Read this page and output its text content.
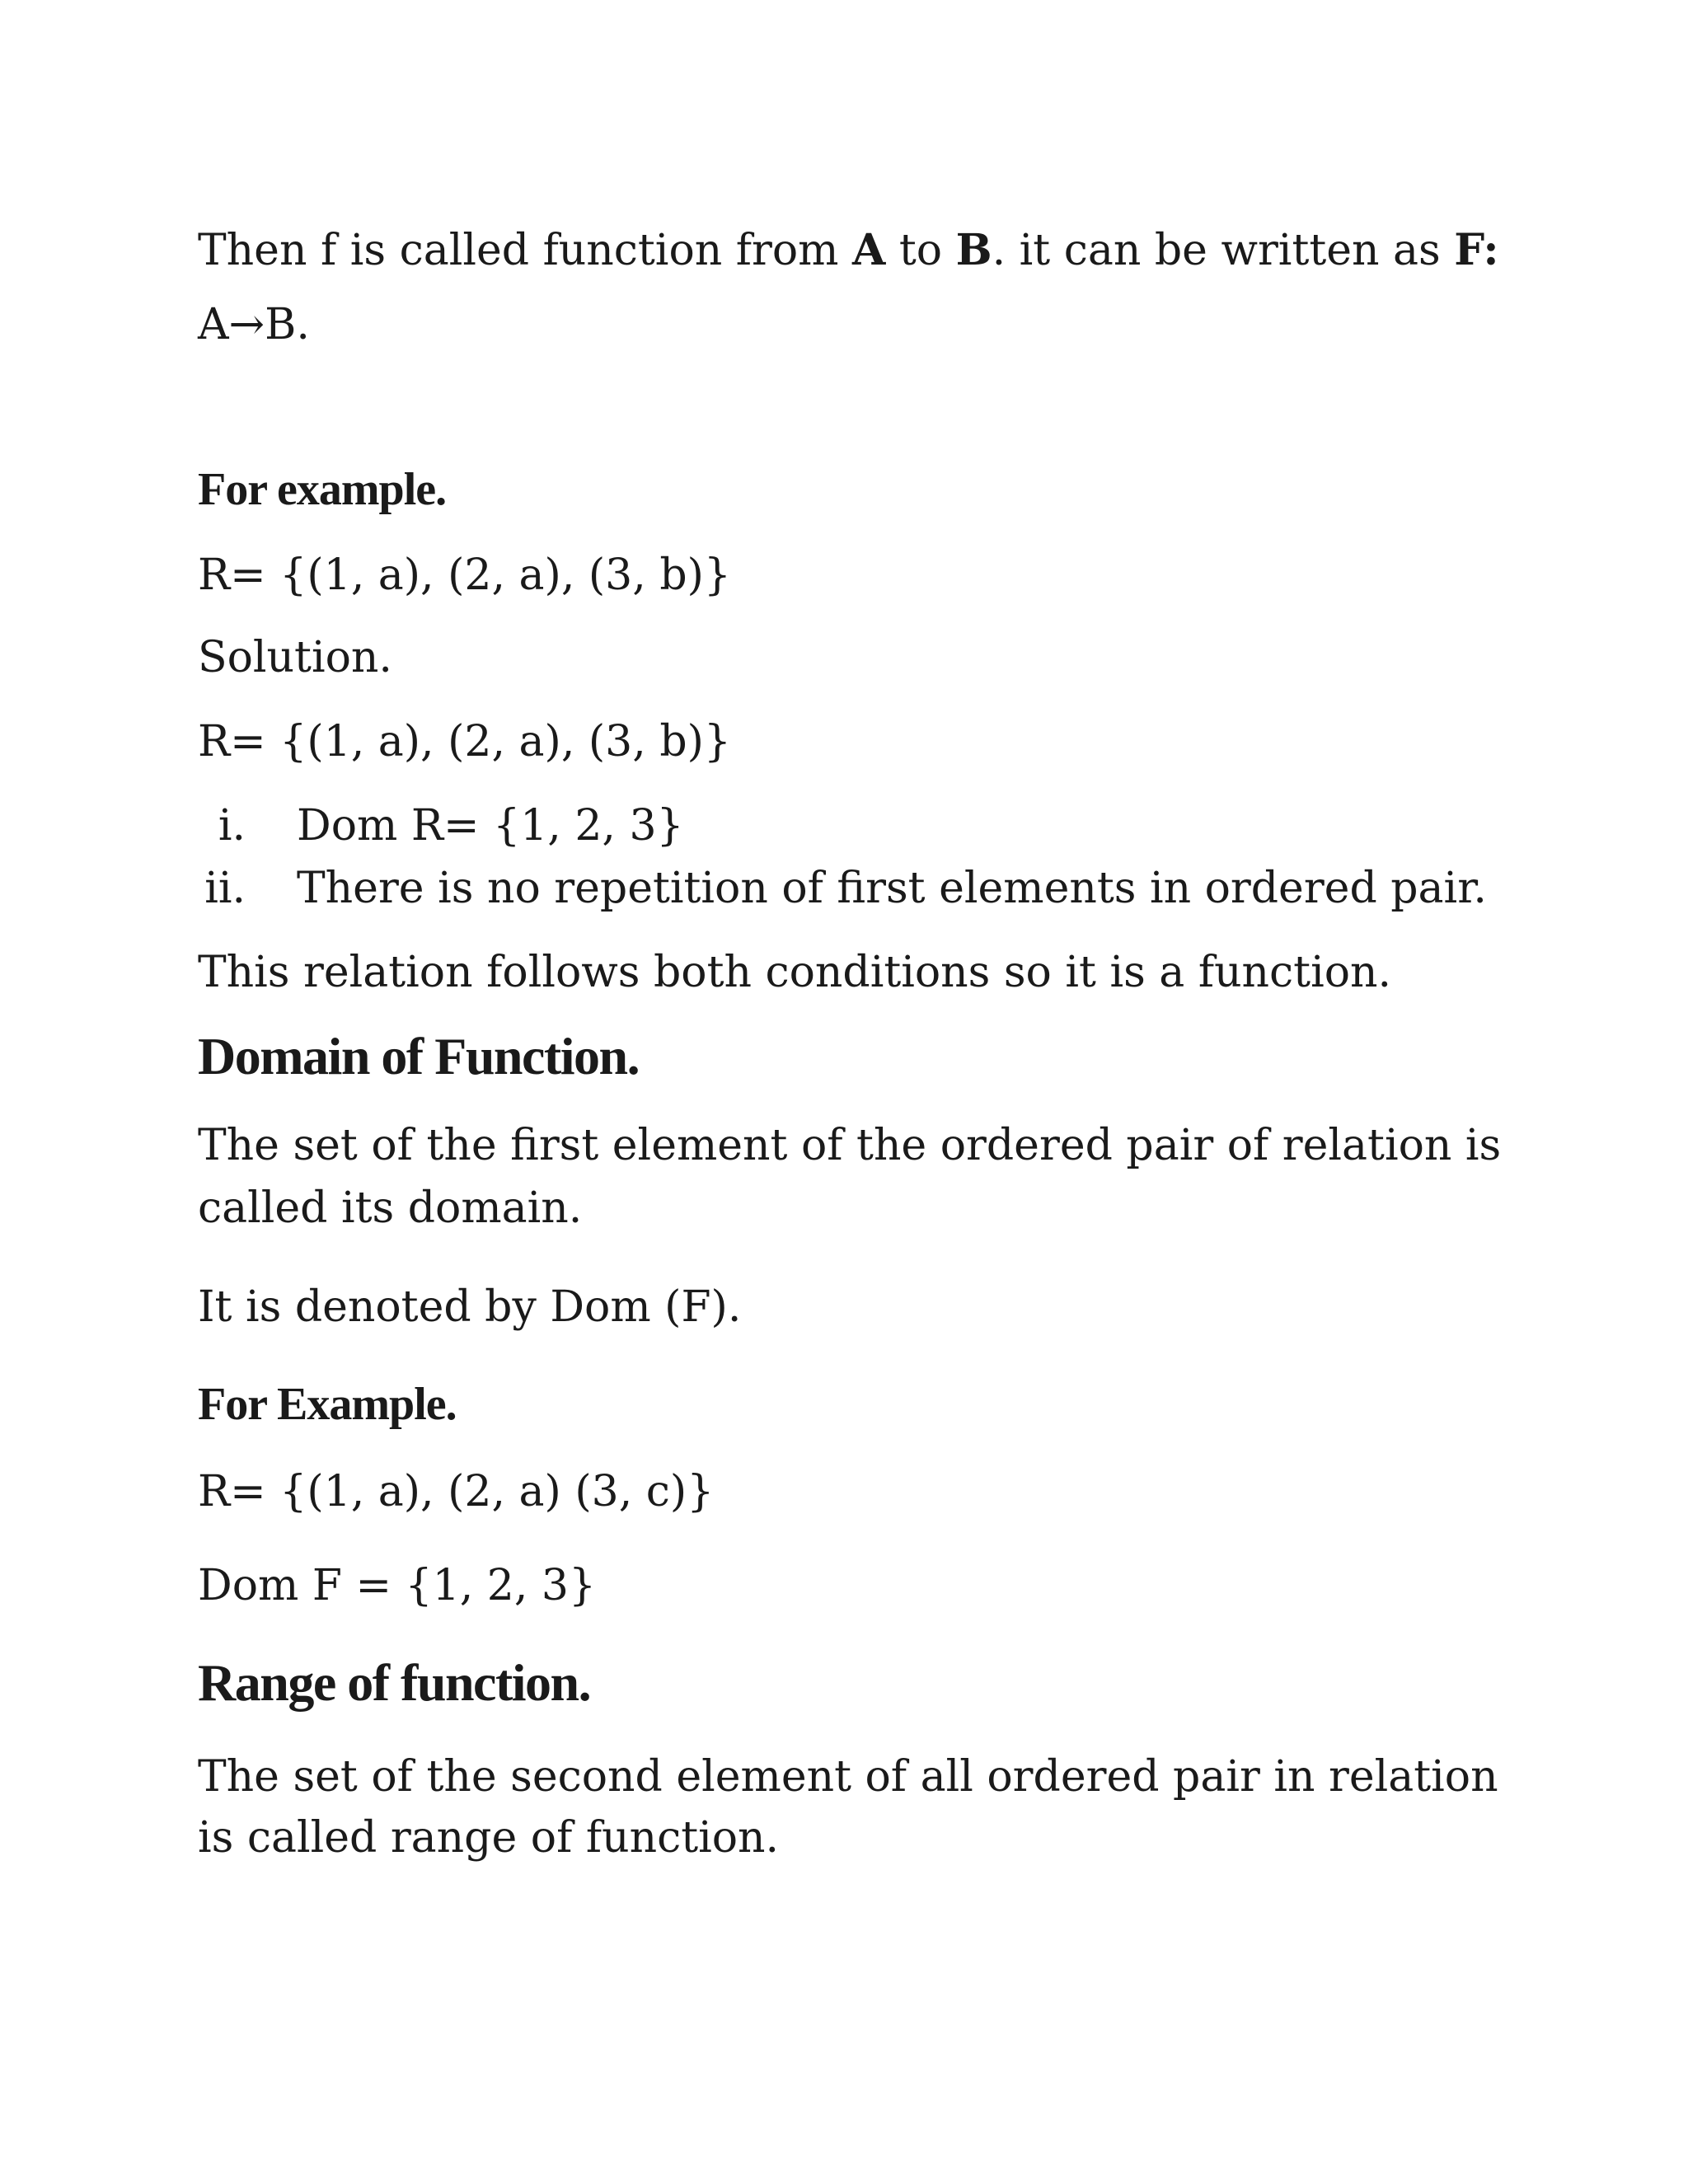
Then f is called function from A to B. it can be written as F:
A→B.
For example.
R= {(1, a), (2, a), (3, b)}
Solution.
R= {(1, a), (2, a), (3, b)}
i. Dom R= {1, 2, 3}
ii. There is no repetition of first elements in ordered pair.
This relation follows both conditions so it is a function.
Domain of Function.
The set of the first element of the ordered pair of relation is
called its domain.
It is denoted by Dom (F).
For Example.
R= {(1, a), (2, a) (3, c)}
Dom F = {1, 2, 3}
Range of function.
The set of the second element of all ordered pair in relation
is called range of function.
